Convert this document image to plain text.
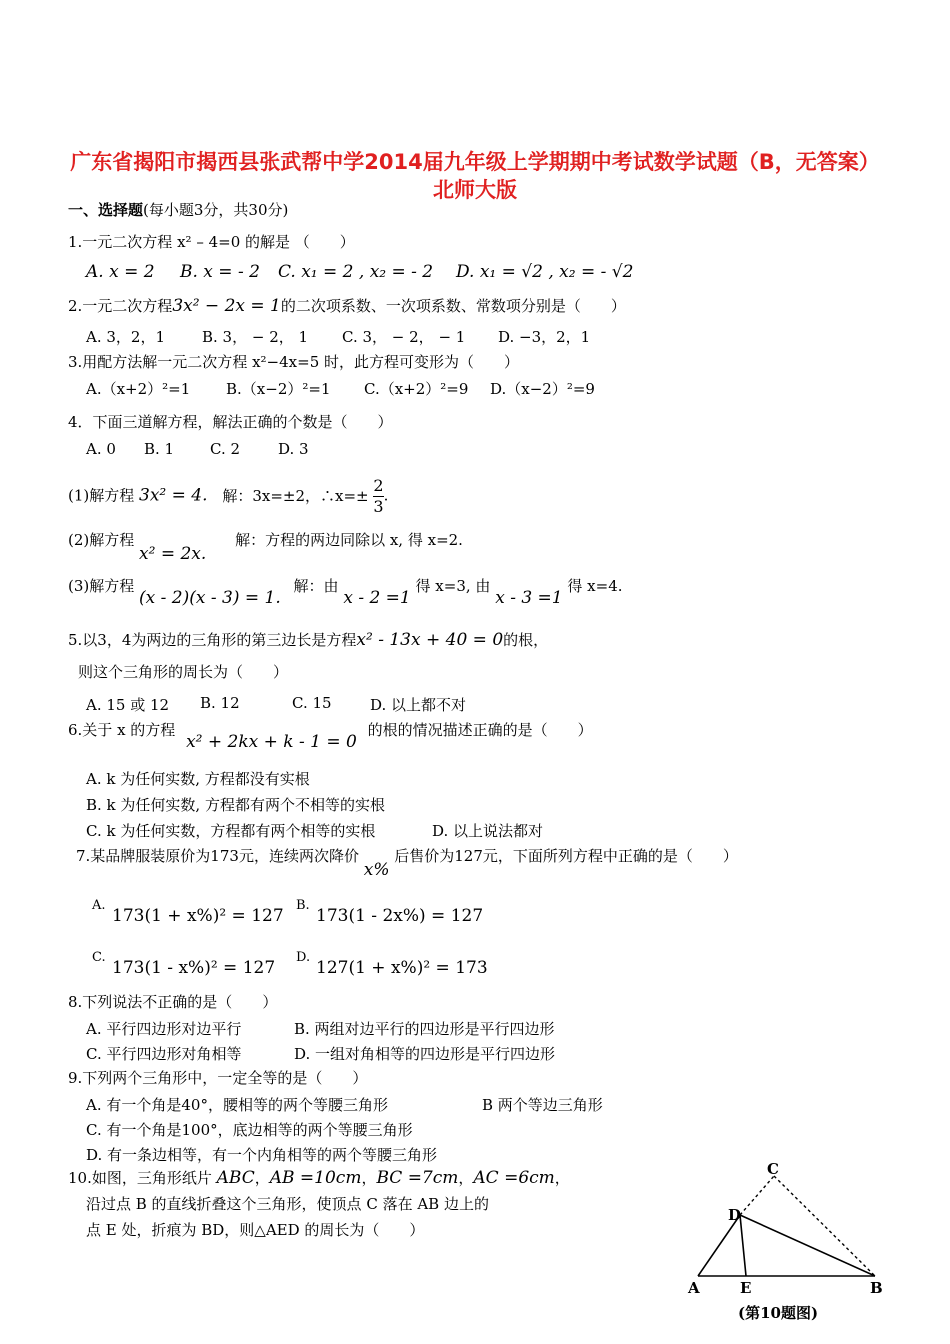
广东省揭阳市揭西县张武帮中学2014届九年级上学期期中考试数学试题（B，无答案） 北师大版
一、选择题(每小题3分，共30分)
1.一元二次方程 x² – 4=0 的解是 （　　）
A. x = 2 B. x = - 2 C. x₁ = 2 , x₂ = - 2 D. x₁ = √2 , x₂ = - √2
2.一元二次方程3x² − 2x = 1的二次项系数、一次项系数、常数项分别是（　　）
A. 3，2，1 B. 3， − 2， 1 C. 3， − 2， − 1 D. −3，2，1
3.用配方法解一元二次方程 x²−4x=5 时，此方程可变形为（　　）
A.（x+2）²=1 B.（x−2）²=1 C.（x+2）²=9 D.（x−2）²=9
4．下面三道解方程，解法正确的个数是（　　）
A. 0 B. 1 C. 2	D. 3
(1)解方程 3x² = 4. 解：3x=±2，∴x=± $\frac{2}{3}$ .
(2)解方程 x² = 2x. 解：方程的两边同除以 x, 得 x=2.
(3)解方程 (x - 2)(x - 3) = 1. 解：由 x - 2 =1 得 x=3, 由 x - 3 =1 得 x=4.
5.以3，4为两边的三角形的第三边长是方程x² - 13x + 40 = 0的根，
则这个三角形的周长为（　　）
A. 15 或 12 B. 12	C. 15	D. 以上都不对
6.关于 x 的方程 x² + 2kx + k - 1 = 0 的根的情况描述正确的是（　　）
A. k 为任何实数, 方程都没有实根
B. k 为任何实数, 方程都有两个不相等的实根
C. k 为任何实数，方程都有两个相等的实根	D. 以上说法都对
7.某品牌服装原价为173元，连续两次降价 x% 后售价为127元，下面所列方程中正确的是（　　）
A.
173(1 + x%)² = 127
B.
173(1 - 2x%) = 127
C.
173(1 - x%)² = 127
D.
127(1 + x%)² = 173
8.下列说法不正确的是（　　）
A. 平行四边形对边平行	B. 两组对边平行的四边形是平行四边形
C. 平行四边形对角相等	D. 一组对角相等的四边形是平行四边形
9.下列两个三角形中，一定全等的是（　　）
A. 有一个角是40°，腰相等的两个等腰三角形	B 两个等边三角形
C. 有一个角是100°，底边相等的两个等腰三角形
D. 有一条边相等，有一个内角相等的两个等腰三角形
10.如图，三角形纸片 ABC，AB =10cm，BC =7cm，AC =6cm，
沿过点 B 的直线折叠这个三角形，使顶点 C 落在 AB 边上的
点 E 处，折痕为 BD，则△AED 的周长为（　　）
C
D
A	E	B
(第10题图)
